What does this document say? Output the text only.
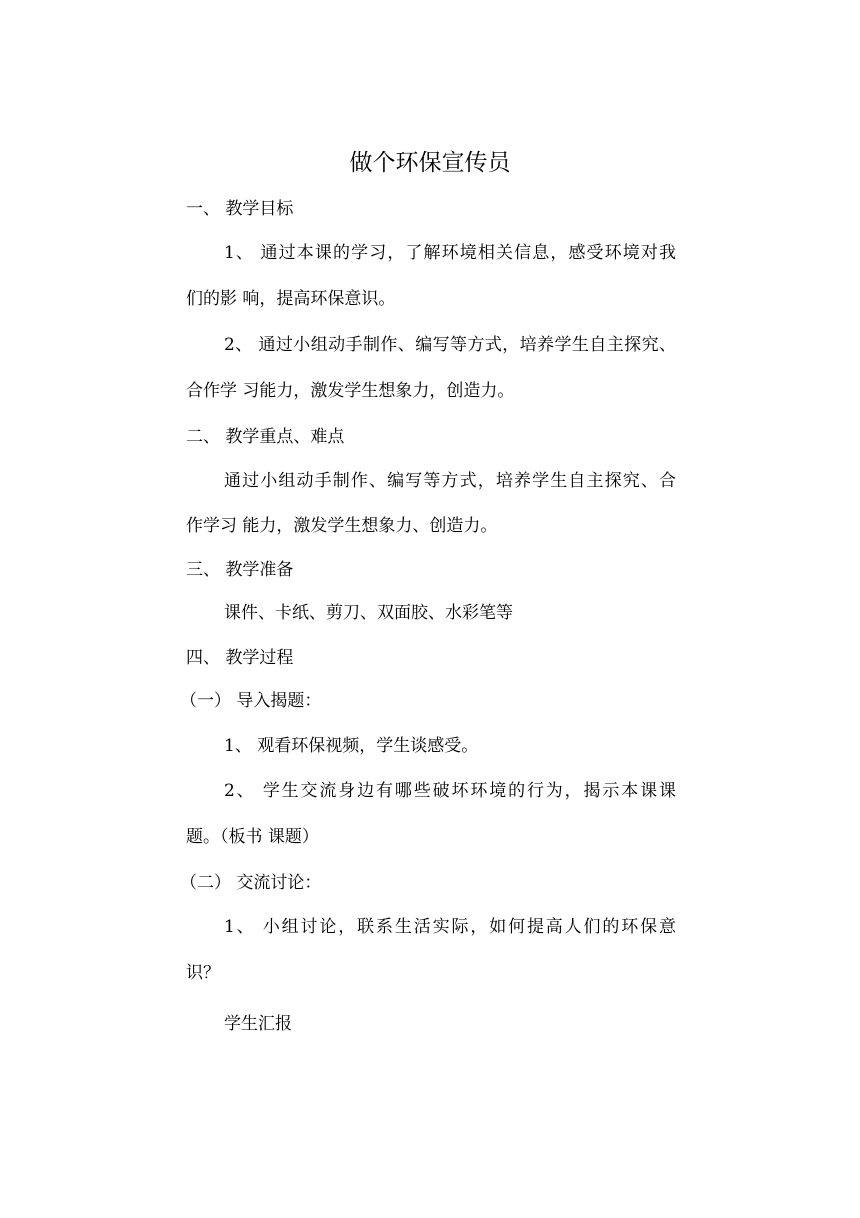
做个环保宣传员
一、 教学目标
1、 通过本课的学习，了解环境相关信息，感受环境对我
们的影 响，提高环保意识。
2、 通过小组动手制作、编写等方式，培养学生自主探究、
合作学 习能力，激发学生想象力，创造力。
二、 教学重点、难点
通过小组动手制作、编写等方式，培养学生自主探究、合
作学习 能力，激发学生想象力、创造力。
三、 教学准备
课件、卡纸、剪刀、双面胶、水彩笔等
四、 教学过程
（一） 导入揭题：
1、 观看环保视频，学生谈感受。
2、 学生交流身边有哪些破坏环境的行为，揭示本课课
题。（板书 课题）
（二） 交流讨论：
1、 小组讨论，联系生活实际，如何提高人们的环保意
识？
学生汇报
